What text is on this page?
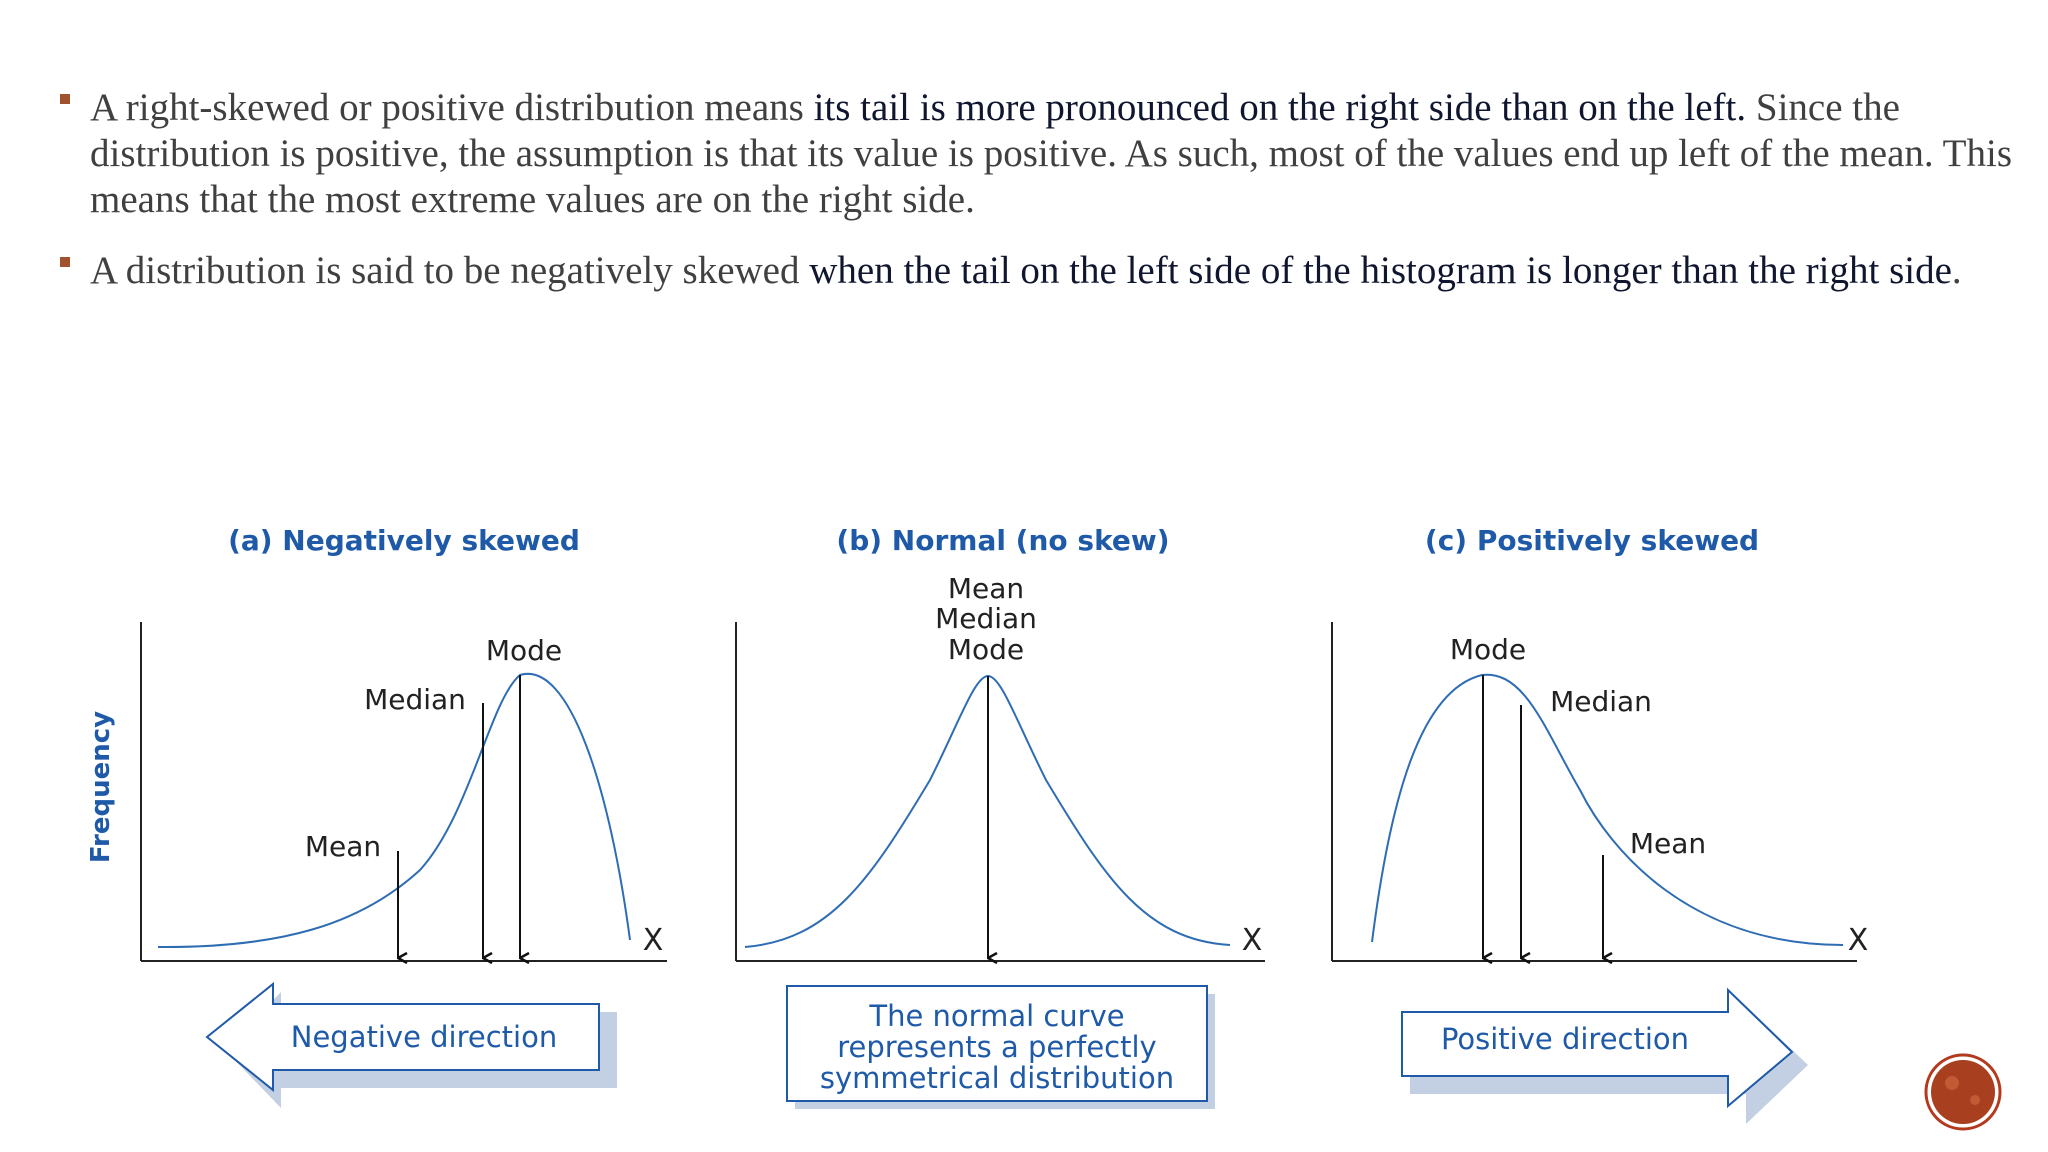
A right-skewed or positive distribution means its tail is more pronounced on the right side than on the left. Since the distribution is positive, the assumption is that its value is positive. As such, most of the values end up left of the mean. This means that the most extreme values are on the right side.

A distribution is said to be negatively skewed when the tail on the left side of the histogram is longer than the right side.

Frequency
(a) Negatively skewed
Mode
Median
Mean
X
Negative direction
(b) Normal (no skew)
Mean
Median
Mode
X
The normal curve
represents a perfectly
symmetrical distribution
(c) Positively skewed
Mode
Median
Mean
X
Positive direction
